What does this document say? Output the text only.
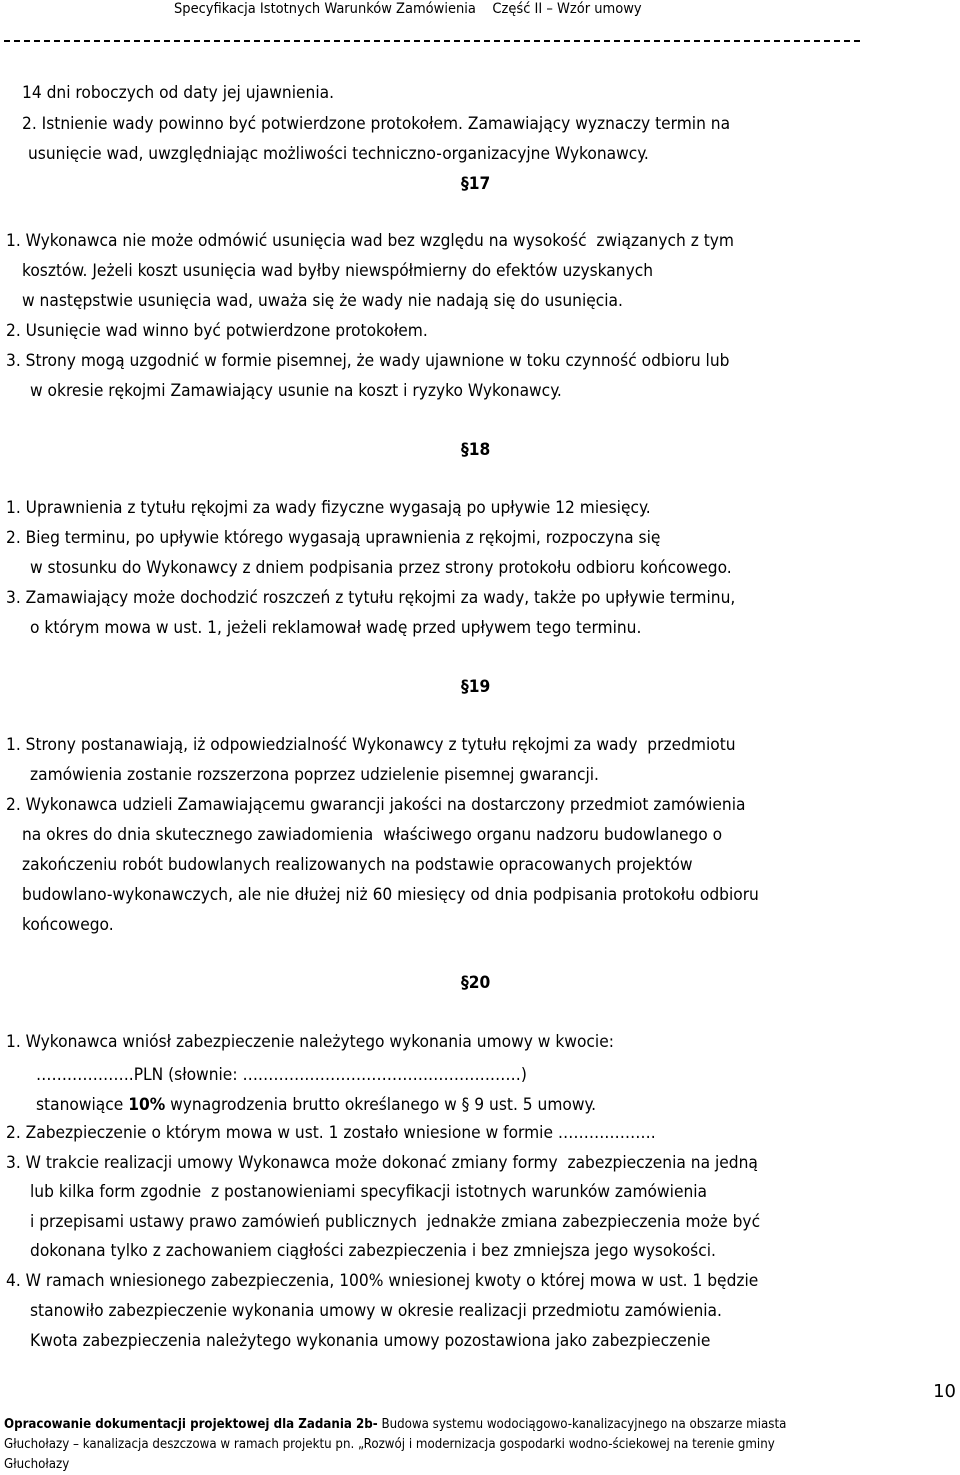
Specyfikacja Istotnych Warunków Zamówienia    Część II – Wzór umowy
14 dni roboczych od daty jej ujawnienia.
2. Istnienie wady powinno być potwierdzone protokołem. Zamawiający wyznaczy termin na
usunięcie wad, uwzględniając możliwości techniczno-organizacyjne Wykonawcy.
§17
1. Wykonawca nie może odmówić usunięcia wad bez względu na wysokość  związanych z tym
kosztów. Jeżeli koszt usunięcia wad byłby niewspółmierny do efektów uzyskanych
w następstwie usunięcia wad, uważa się że wady nie nadają się do usunięcia.
2. Usunięcie wad winno być potwierdzone protokołem.
3. Strony mogą uzgodnić w formie pisemnej, że wady ujawnione w toku czynność odbioru lub
w okresie rękojmi Zamawiający usunie na koszt i ryzyko Wykonawcy.
§18
1. Uprawnienia z tytułu rękojmi za wady fizyczne wygasają po upływie 12 miesięcy.
2. Bieg terminu, po upływie którego wygasają uprawnienia z rękojmi, rozpoczyna się
w stosunku do Wykonawcy z dniem podpisania przez strony protokołu odbioru końcowego.
3. Zamawiający może dochodzić roszczeń z tytułu rękojmi za wady, także po upływie terminu,
o którym mowa w ust. 1, jeżeli reklamował wadę przed upływem tego terminu.
§19
1. Strony postanawiają, iż odpowiedzialność Wykonawcy z tytułu rękojmi za wady  przedmiotu
zamówienia zostanie rozszerzona poprzez udzielenie pisemnej gwarancji.
2. Wykonawca udzieli Zamawiającemu gwarancji jakości na dostarczony przedmiot zamówienia
na okres do dnia skutecznego zawiadomienia  właściwego organu nadzoru budowlanego o
zakończeniu robót budowlanych realizowanych na podstawie opracowanych projektów
budowlano-wykonawczych, ale nie dłużej niż 60 miesięcy od dnia podpisania protokołu odbioru
końcowego.
§20
1. Wykonawca wniósł zabezpieczenie należytego wykonania umowy w kwocie:
……………….PLN (słownie: ………………………………………………)
stanowiące 10% wynagrodzenia brutto określanego w § 9 ust. 5 umowy.
2. Zabezpieczenie o którym mowa w ust. 1 zostało wniesione w formie ……………….
3. W trakcie realizacji umowy Wykonawca może dokonać zmiany formy  zabezpieczenia na jedną
lub kilka form zgodnie  z postanowieniami specyfikacji istotnych warunków zamówienia
i przepisami ustawy prawo zamówień publicznych  jednakże zmiana zabezpieczenia może być
dokonana tylko z zachowaniem ciągłości zabezpieczenia i bez zmniejsza jego wysokości.
4. W ramach wniesionego zabezpieczenia, 100% wniesionej kwoty o której mowa w ust. 1 będzie
stanowiło zabezpieczenie wykonania umowy w okresie realizacji przedmiotu zamówienia.
Kwota zabezpieczenia należytego wykonania umowy pozostawiona jako zabezpieczenie
10
Opracowanie dokumentacji projektowej dla Zadania 2b- Budowa systemu wodociągowo-kanalizacyjnego na obszarze miasta
Głuchołazy – kanalizacja deszczowa w ramach projektu pn. „Rozwój i modernizacja gospodarki wodno-ściekowej na terenie gminy
Głuchołazy
